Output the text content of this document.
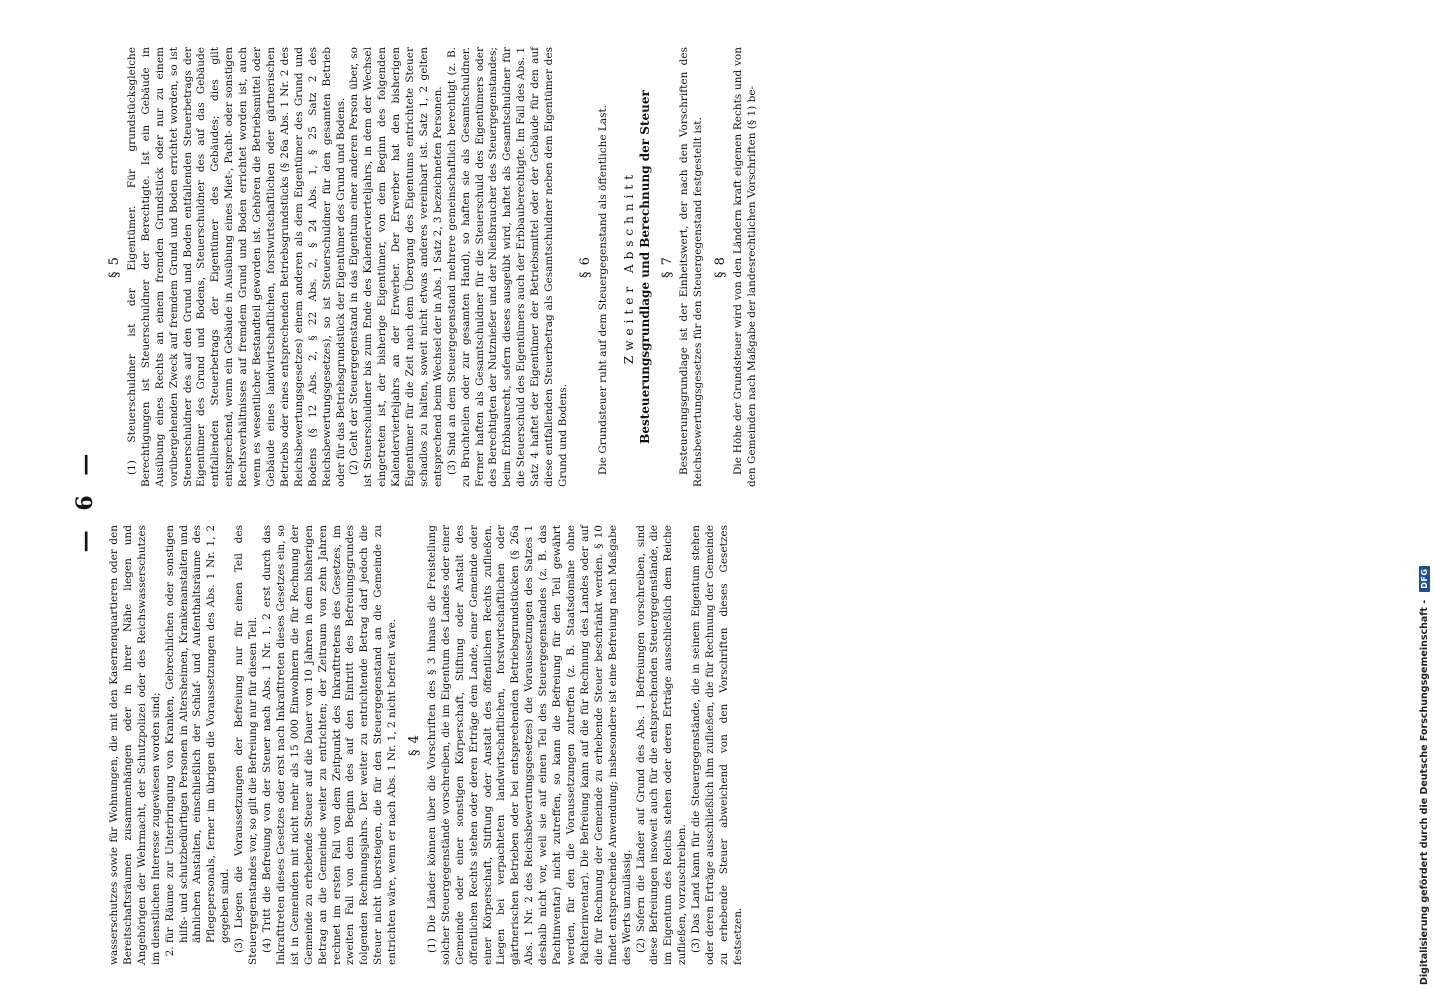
— 6 —

wasserschutzes sowie für Wohnungen, die mit den Kasernenquartieren oder den Bereitschaftsräumen zusammenhängen oder in ihrer Nähe liegen und Angehörigen der Wehrmacht, der Schutzpolizei oder des Reichswasserschutzes im dienstlichen Interesse zugewiesen worden sind;

2. für Räume zur Unterbringung von Kranken, Gebrechlichen oder sonstigen hilfs- und schutzbedürftigen Personen in Altersheimen, Krankenanstalten und ähnlichen Anstalten, einschließlich der Schlaf- und Aufenthaltsräume des Pflegepersonals, ferner im übrigen die Voraussetzungen des Abs. 1 Nr. 1, 2 gegeben sind. (3) Liegen die Voraussetzungen der Befreiung nur für einen Teil des Steuergegenstandes vor, so gilt die Befreiung nur für diesen Teil. (4) Tritt die Befreiung von der Steuer nach Abs. 1 Nr. 1, 2 erst durch das Inkrafttreten dieses Gesetzes oder erst nach Inkrafttreten dieses Gesetzes ein, so ist in Gemeinden mit nicht mehr als 15 000 Einwohnern die für Rechnung der Gemeinde zu erhebende Steuer auf die Dauer von 10 Jahren in dem bisherigen Betrag an die Gemeinde weiter zu entrichten; der Zeitraum von zehn Jahren rechnet im ersten Fall von dem Zeitpunkt des Inkrafttretens des Gesetzes, im zweiten Fall von dem Beginn des auf den Eintritt des Befreiungsgrundes folgenden Rechnungsjahrs. Der weiter zu entrichtende Betrag darf jedoch die Steuer nicht übersteigen, die für den Steuergegenstand an die Gemeinde zu entrichten wäre, wenn er nach Abs. 1 Nr. 1, 2 nicht befreit wäre. § 4 (1) Die Länder können über die Vorschriften des § 3 hinaus die Freistellung solcher Steuergegenstände vorschreiben, die im Eigentum des Landes oder einer Gemeinde oder einer sonstigen Körperschaft, Stiftung oder Anstalt des öffentlichen Rechts stehen oder deren Erträge dem Lande, einer Gemeinde oder einer Körperschaft, Stiftung oder Anstalt des öffentlichen Rechts zufließen. Liegen bei verpachteten landwirtschaftlichen, forstwirtschaftlichen oder gärtnerischen Betrieben oder bei entsprechenden Betriebsgrundstücken (§ 26a Abs. 1 Nr. 2 des Reichsbewertungsgesetzes) die Voraussetzungen des Satzes 1 deshalb nicht vor, weil sie auf einen Teil des Steuergegenstandes (z. B. das Pachtinventar) nicht zutreffen, so kann die Befreiung für den Teil gewährt werden, für den die Voraussetzungen zutreffen (z. B. Staatsdomäne ohne Pächterinventar). Die Befreiung kann auf die für Rechnung des Landes oder auf die für Rechnung der Gemeinde zu erhebende Steuer beschränkt werden. § 10 findet entsprechende Anwendung; insbesondere ist eine Befreiung nach Maßgabe des Werts unzulässig. (2) Sofern die Länder auf Grund des Abs. 1 Befreiungen vorschreiben, sind diese Befreiungen insoweit auch für die entsprechenden Steuergegenstände, die im Eigentum des Reichs stehen oder deren Erträge ausschließlich dem Reiche zufließen, vorzuschreiben. (3) Das Land kann für die Steuergegenstände, die in seinem Eigentum stehen oder deren Erträge ausschließlich ihm zufließen, die für Rechnung der Gemeinde zu erhebende Steuer abweichend von den Vorschriften dieses Gesetzes festsetzen.

§ 5 (1) Steuerschuldner ist der Eigentümer. Für grundstücksgleiche Berechtigungen ist Steuerschuldner der Berechtigte. Ist ein Gebäude in Ausübung eines Rechts an einem fremden Grundstück oder nur zu einem vorübergehenden Zweck auf fremdem Grund und Boden errichtet worden, so ist Steuerschuldner des auf den Grund und Boden entfallenden Steuerbetrags der Eigentümer des Grund und Bodens, Steuerschuldner des auf das Gebäude entfallenden Steuerbetrags der Eigentümer des Gebäudes; dies gilt entsprechend, wenn ein Gebäude in Ausübung eines Miet-, Pacht- oder sonstigen Rechtsverhältnisses auf fremdem Grund und Boden errichtet worden ist, auch wenn es wesentlicher Bestandteil geworden ist. Gehören die Betriebsmittel oder Gebäude eines landwirtschaftlichen, forstwirtschaftlichen oder gärtnerischen Betriebs oder eines entsprechenden Betriebsgrundstücks (§ 26a Abs. 1 Nr. 2 des Reichsbewertungsgesetzes) einem anderen als dem Eigentümer des Grund und Bodens (§ 12 Abs. 2, § 22 Abs. 2, § 24 Abs. 1, § 25 Satz 2 des Reichsbewertungsgesetzes), so ist Steuerschuldner für den gesamten Betrieb oder für das Betriebsgrundstück der Eigentümer des Grund und Bodens. (2) Geht der Steuergegenstand in das Eigentum einer anderen Person über, so ist Steuerschuldner bis zum Ende des Kalendervierteljahrs, in dem der Wechsel eingetreten ist, der bisherige Eigentümer, von dem Beginn des folgenden Kalendervierteljahrs an der Erwerber. Der Erwerber hat den bisherigen Eigentümer für die Zeit nach dem Übergang des Eigentums entrichtete Steuer schadlos zu halten, soweit nicht etwas anderes vereinbart ist. Satz 1, 2 gelten entsprechend beim Wechsel der in Abs. 1 Satz 2, 3 bezeichneten Personen. (3) Sind an dem Steuergegenstand mehrere gemeinschaftlich berechtigt (z. B. zu Bruchteilen oder zur gesamten Hand), so haften sie als Gesamtschuldner. Ferner haften als Gesamtschuldner für die Steuerschuld des Eigentümers oder des Berechtigten der Nutznießer und der Nießbraucher des Steuergegenstandes; beim Erbbaurecht, sofern dieses ausgeübt wird, haftet als Gesamtschuldner für die Steuerschuld des Eigentümers auch der Erbbauberechtigte. Im Fall des Abs. 1 Satz 4 haftet der Eigentümer der Betriebsmittel oder der Gebäude für den auf diese entfallenden Steuerbetrag als Gesamtschuldner neben dem Eigentümer des Grund und Bodens.

§ 6 Die Grundsteuer ruht auf dem Steuergegenstand als öffentliche Last. Zweiter Abschnitt Besteuerungsgrundlage und Berechnung der Steuer § 7 Besteuerungsgrundlage ist der Einheitswert, der nach den Vorschriften des Reichsbewertungsgesetzes für den Steuergegenstand festgestellt ist. § 8 Die Höhe der Grundsteuer wird von den Ländern kraft eigenen Rechts und von den Gemeinden nach Maßgabe der landesrechtlichen Vorschriften (§ 1) be-

Digitalisierung gefördert durch die Deutsche Forschungsgemeinschaft -
DFG
